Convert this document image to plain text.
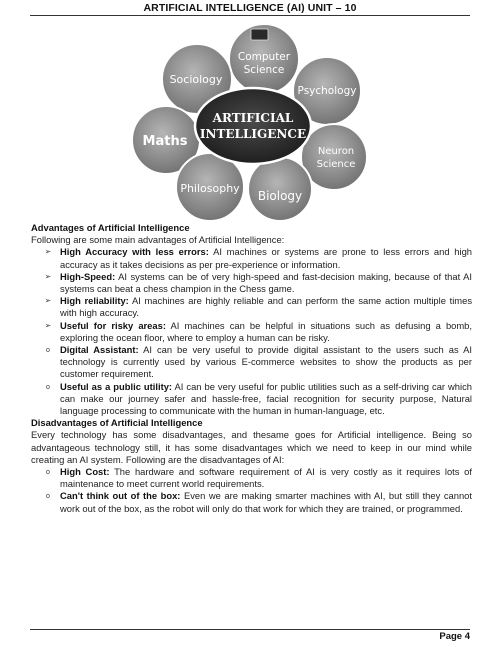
ARTIFICIAL INTELLIGENCE (AI) UNIT – 10
Computer
Science
Sociology
Psychology
Maths
Neuron
Science
Philosophy
Biology
ARTIFICIAL
INTELLIGENCE
Advantages of Artificial Intelligence
Following are some main advantages of Artificial Intelligence:
➢ High Accuracy with less errors: AI machines or systems are prone to less errors and high accuracy as it takes decisions as per pre-experience or information.
➢ High-Speed: AI systems can be of very high-speed and fast-decision making, because of that AI systems can beat a chess champion in the Chess game.
➢ High reliability: AI machines are highly reliable and can perform the same action multiple times with high accuracy.
➢ Useful for risky areas: AI machines can be helpful in situations such as defusing a bomb, exploring the ocean floor, where to employ a human can be risky.
o	Digital Assistant: AI can be very useful to provide digital assistant to the users such as AI technology is currently used by various E-commerce websites to show the products as per customer requirement.
o	Useful as a public utility: AI can be very useful for public utilities such as a self-driving car which can make our journey safer and hassle-free, facial recognition for security purpose, Natural language processing to communicate with the human in human-language, etc.
Disadvantages of Artificial Intelligence
Every technology has some disadvantages, and thesame goes for Artificial intelligence. Being so advantageous technology still, it has some disadvantages which we need to keep in our mind while creating an AI system. Following are the disadvantages of AI:
o	High Cost: The hardware and software requirement of AI is very costly as it requires lots of maintenance to meet current world requirements.
o	Can't think out of the box: Even we are making smarter machines with AI, but still they cannot work out of the box, as the robot will only do that work for which they are trained, or programmed.
Page 4
